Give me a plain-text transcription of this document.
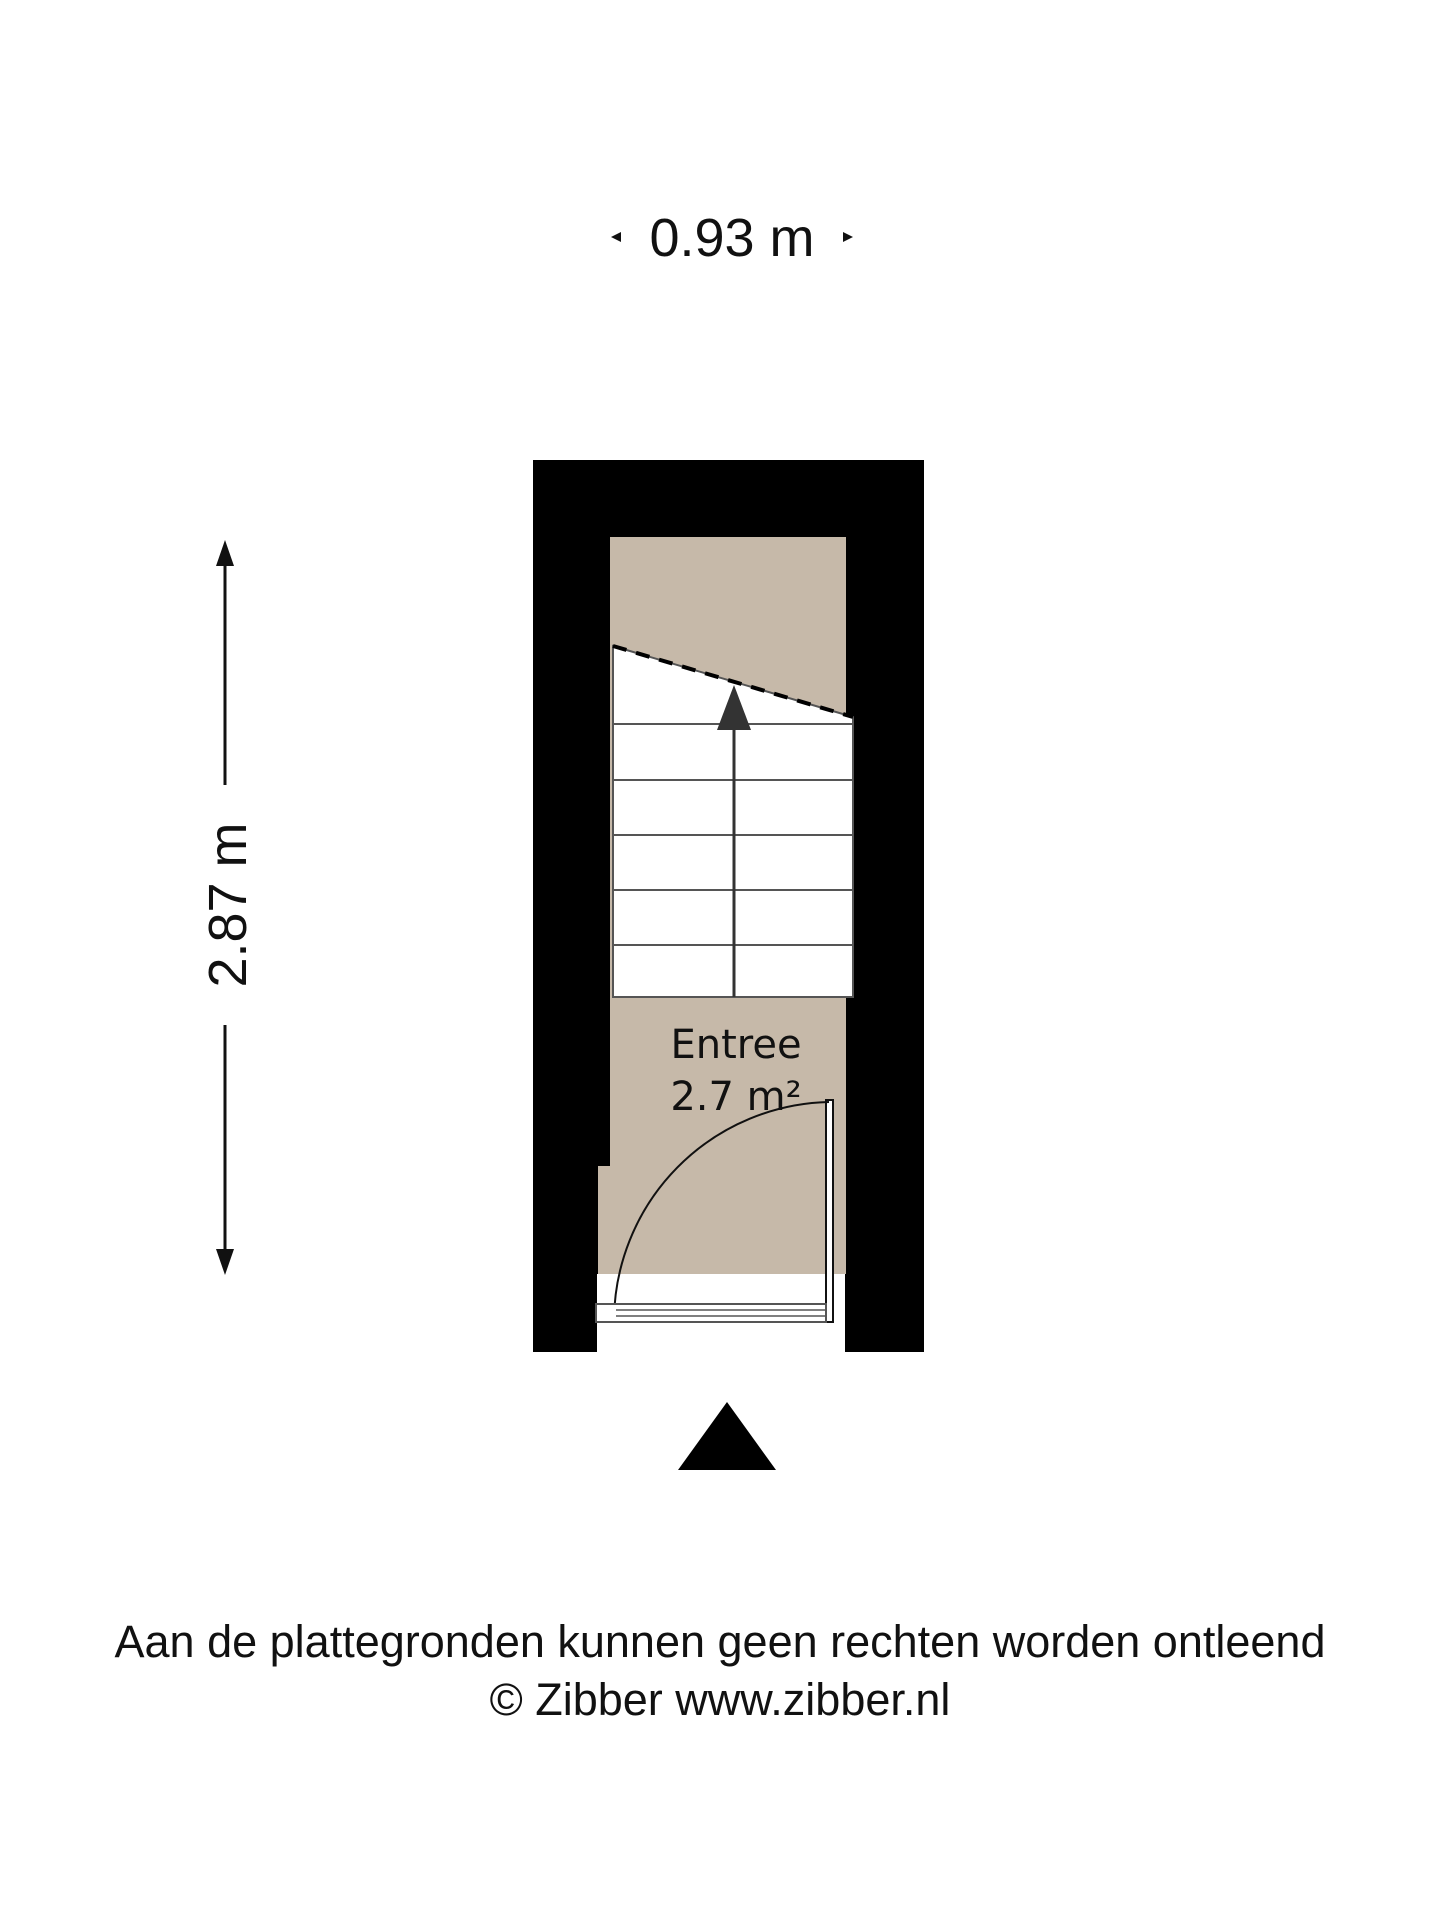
0.93 m
2.87 m
Entree
2.7 m²
Aan de plattegronden kunnen geen rechten worden ontleend
© Zibber www.zibber.nl
